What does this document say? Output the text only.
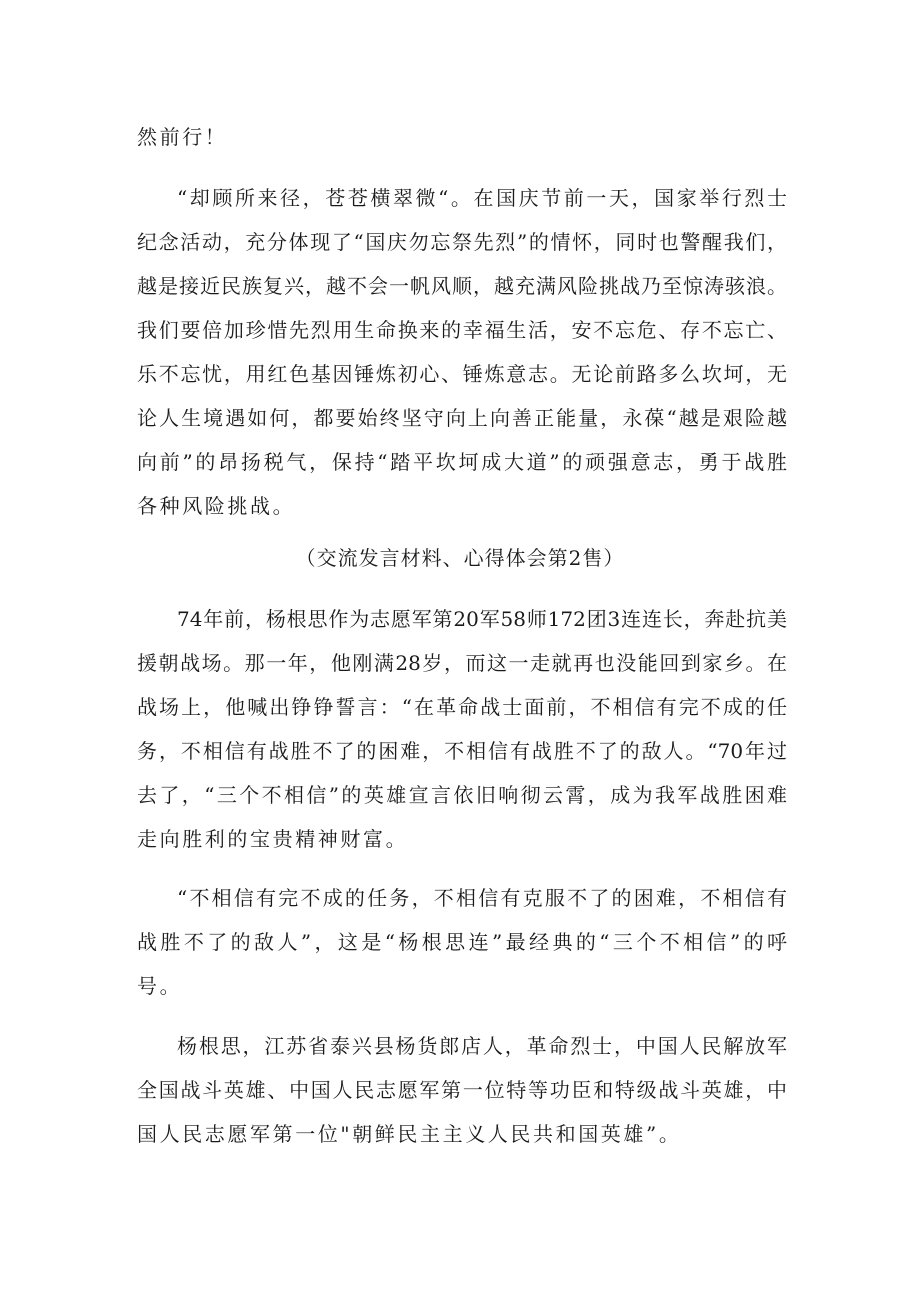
然前行！
“却顾所来径，苍苍横翠微“。在国庆节前一天，国家举行烈士
纪念活动，充分体现了“国庆勿忘祭先烈”的情怀，同时也警醒我们，
越是接近民族复兴，越不会一帆风顺，越充满风险挑战乃至惊涛骇浪。
我们要倍加珍惜先烈用生命换来的幸福生活，安不忘危、存不忘亡、
乐不忘忧，用红色基因锤炼初心、锤炼意志。无论前路多么坎坷，无
论人生境遇如何，都要始终坚守向上向善正能量，永葆“越是艰险越
向前”的昂扬税气，保持“踏平坎坷成大道”的顽强意志，勇于战胜
各种风险挑战。
（交流发言材料、心得体会第2售）
74年前，杨根思作为志愿军第20军58师172团3连连长，奔赴抗美
援朝战场。那一年，他刚满28岁，而这一走就再也没能回到家乡。在
战场上，他喊出铮铮誓言：“在革命战士面前，不相信有完不成的任
务，不相信有战胜不了的困难，不相信有战胜不了的敌人。“70年过
去了，“三个不相信”的英雄宣言依旧响彻云霄，成为我军战胜困难
走向胜利的宝贵精神财富。
“不相信有完不成的任务，不相信有克服不了的困难，不相信有
战胜不了的敌人”，这是“杨根思连”最经典的“三个不相信”的呼
号。
杨根思，江苏省泰兴县杨货郎店人，革命烈士，中国人民解放军
全国战斗英雄、中国人民志愿军第一位特等功臣和特级战斗英雄，中
国人民志愿军第一位"朝鲜民主主义人民共和国英雄”。
